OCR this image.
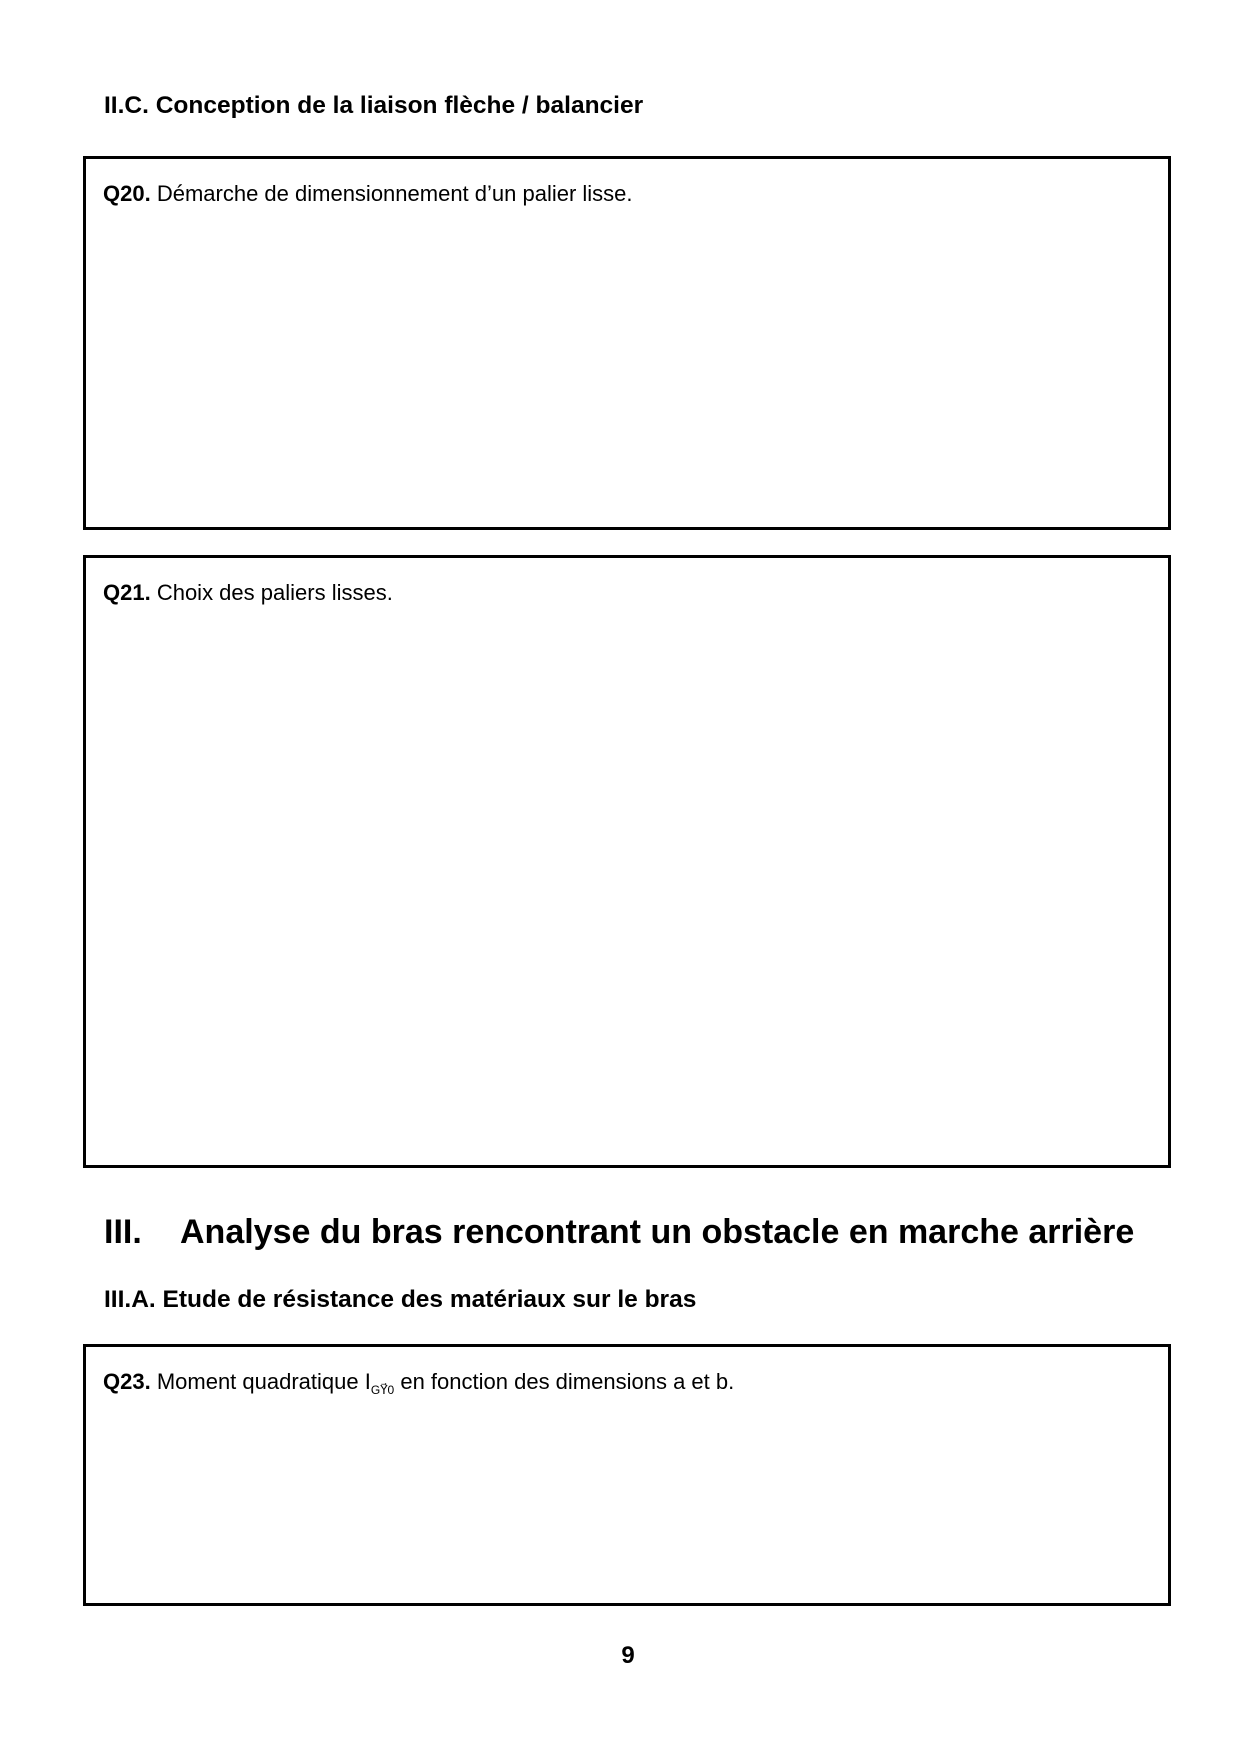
II.C. Conception de la liaison flèche / balancier
Q20. Démarche de dimensionnement d’un palier lisse.
Q21. Choix des paliers lisses.
III. Analyse du bras rencontrant un obstacle en marche arrière
III.A. Etude de résistance des matériaux sur le bras
Q23. Moment quadratique $I_{GY⃗0}$ en fonction des dimensions a et b.
9
